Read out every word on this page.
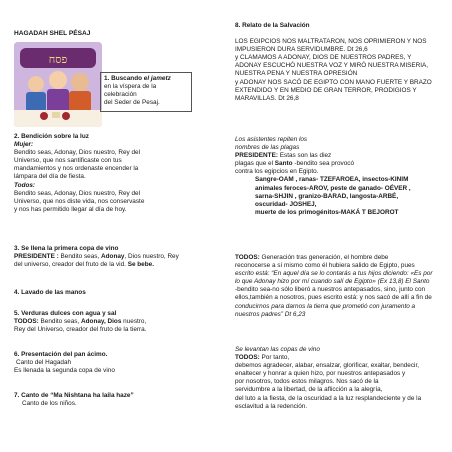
HAGADAH SHEL PÉSAJ
פסח
1. Buscando el jametz
en la víspera de la celebración
del Seder de Pesaj.
2. Bendición sobre la luz
Mujer:
Bendito seas, Adonay, Dios nuestro, Rey del
Universo, que nos santificaste con tus
mandamientos y nos ordenaste encender la
lámpara del día de fiesta.
Todos:
Bendito seas, Adonay, Dios nuestro, Rey del
Universo, que nos diste vida, nos conservaste
y nos has permitido llegar al día de hoy.
3. Se llena la primera copa de vino
PRESIDENTE : Bendito seas, Adonay, Dios nuestro, Rey
del universo, creador del fruto de la vid. Se bebe.
4. Lavado de las manos
5. Verduras dulces con agua y sal
TODOS: Bendito seas, Adonay, Dios nuestro,
Rey del Universo, creador del fruto de la tierra.
6. Presentación del pan ácimo.
Canto del Hagadah
Es llenada la segunda copa de vino
7. Canto de “Ma Nishtana ha laila haze”
Canto de los niños.
8. Relato de la Salvación
LOS EGIPCIOS NOS MALTRATARON, NOS OPRIMIERON Y NOS
IMPUSIERON DURA SERVIDUMBRE. Dt 26,6
y CLAMAMOS A ADONAY, DIOS DE NUESTROS PADRES, Y
ADONAY ESCUCHÓ NUESTRA VOZ Y MIRÓ NUESTRA MISERIA,
NUESTRA PENA Y NUESTRA OPRESIÓN
y ADONAY NOS SACÓ DE EGIPTO CON MANO FUERTE Y BRAZO
EXTENDIDO Y EN MEDIO DE GRAN TERROR, PRODIGIOS Y
MARAVILLAS. Dt 26,8
Los asistentes repiten los
nombres de las plagas
PRESIDENTE: Estas son las diez
plagas que el Santo -bendito sea provocó
contra los egipcios en Egipto.
Sangre-OAM , ranas- TZEFAROEA, insectos-KINIM
animales feroces-AROV, peste de ganado- OÉVER ,
sarna-SHJIN , granizo-BARAD, langosta-ARBÉ,
oscuridad- JOSHEJ,
muerte de los primogénitos-MAKÁ T BEJOROT
TODOS: Generación tras generación, el hombre debe
reconocerse a sí mismo como él hubiera salido de Egipto, pues
escrito está: “En aquel día se lo contarás a tus hijos diciendo: «Es por
lo que Adonay hizo por mí cuando salí de Egipto» (Ex 13,8) El Santo
-bendito sea-no sólo liberó a nuestros antepasados, sino, junto con
ellos,también a nosotros, pues escrito está: y nos sacó de allí a fin de
conducirnos para darnos la tierra que prometió con juramento a
nuestros padres” Dt 6,23
Se levantan las copas de vino
TODOS: Por tanto,
debemos agradecer, alabar, ensalzar, glorificar, exaltar, bendecir,
enaltecer y honrar a quien hizo, por nuestros antepasados y
por nosotros, todos estos milagros. Nos sacó de la
servidumbre a la libertad, de la aflicción a la alegría,
del luto a la fiesta, de la oscuridad a la luz resplandeciente y de la
esclavitud a la redención.
